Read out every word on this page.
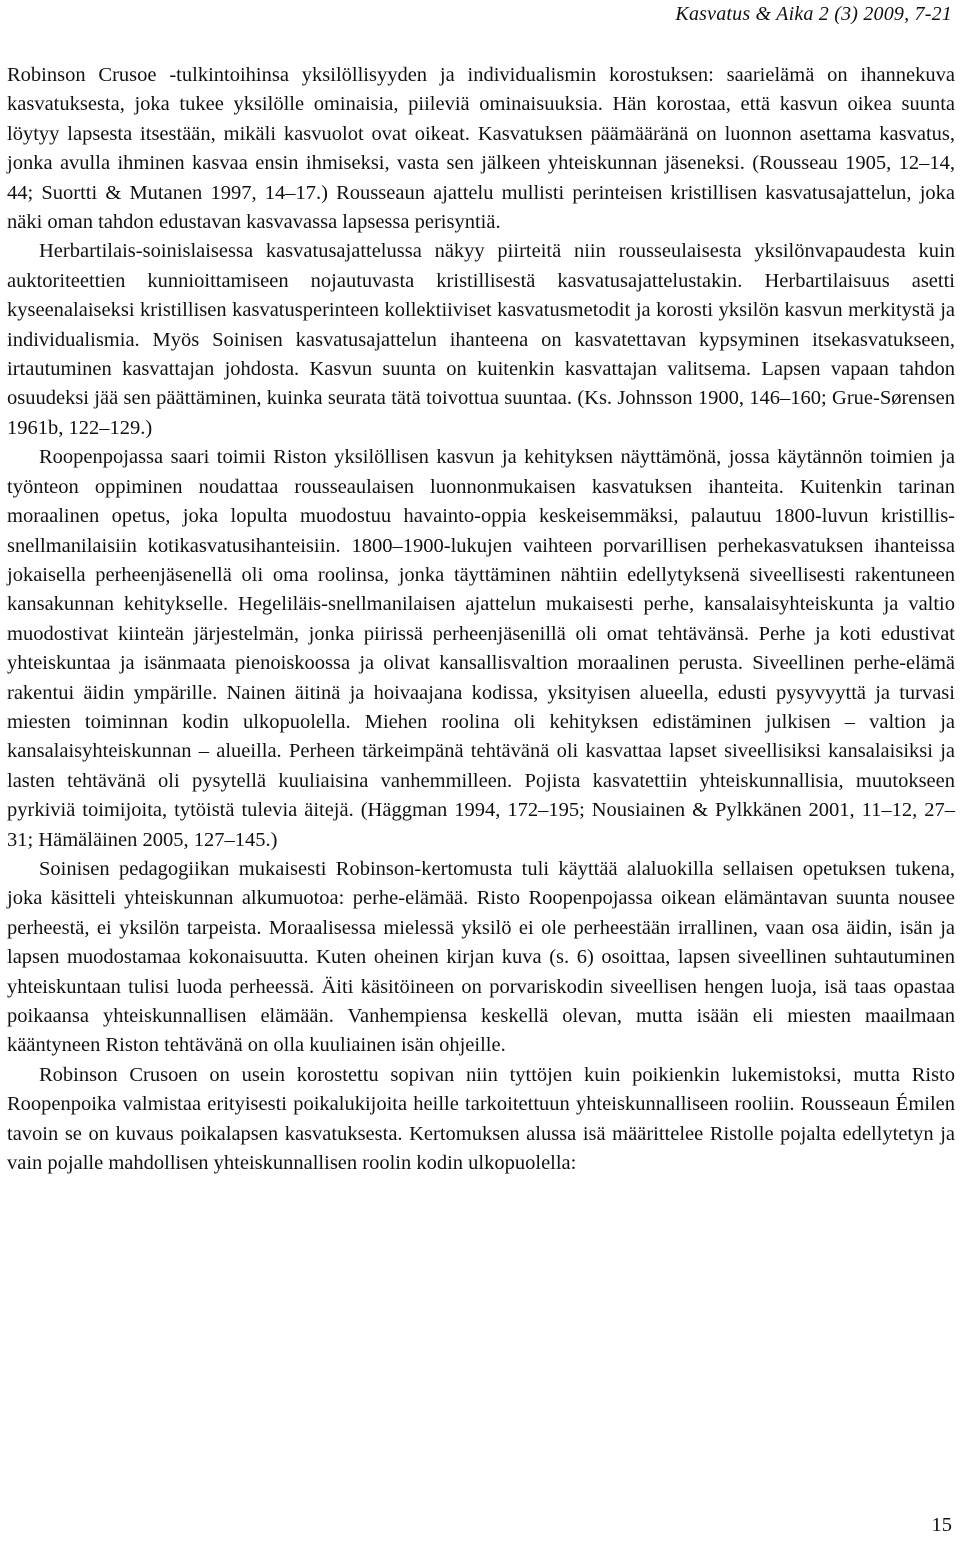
Kasvatus & Aika 2 (3) 2009, 7-21

Robinson Crusoe -tulkintoihinsa yksilöllisyyden ja individualismin korostuksen: saarielämä on ihannekuva kasvatuksesta, joka tukee yksilölle ominaisia, piileviä ominaisuuksia. Hän korostaa, että kasvun oikea suunta löytyy lapsesta itsestään, mikäli kasvuolot ovat oikeat. Kasvatuksen päämääränä on luonnon asettama kasvatus, jonka avulla ihminen kasvaa ensin ihmiseksi, vasta sen jälkeen yhteiskunnan jäseneksi. (Rousseau 1905, 12–14, 44; Suortti & Mutanen 1997, 14–17.) Rousseaun ajattelu mullisti perinteisen kristillisen kasvatusajattelun, joka näki oman tahdon edustavan kasvavassa lapsessa perisyntiä.

Herbartilais-soinislaisessa kasvatusajattelussa näkyy piirteitä niin rousseulaisesta yksilönvapaudesta kuin auktoriteettien kunnioittamiseen nojautuvasta kristillisestä kasvatusajattelustakin. Herbartilaisuus asetti kyseenalaiseksi kristillisen kasvatusperinteen kollektiiviset kasvatusmetodit ja korosti yksilön kasvun merkitystä ja individualismia. Myös Soinisen kasvatusajattelun ihanteena on kasvatettavan kypsyminen itsekasvatukseen, irtautuminen kasvattajan johdosta. Kasvun suunta on kuitenkin kasvattajan valitsema. Lapsen vapaan tahdon osuudeksi jää sen päättäminen, kuinka seurata tätä toivottua suuntaa. (Ks. Johnsson 1900, 146–160; Grue-Sørensen 1961b, 122–129.)

Roopenpojassa saari toimii Riston yksilöllisen kasvun ja kehityksen näyttämönä, jossa käytännön toimien ja työnteon oppiminen noudattaa rousseaulaisen luonnonmukaisen kasvatuksen ihanteita. Kuitenkin tarinan moraalinen opetus, joka lopulta muodostuu havainto-oppia keskeisemmäksi, palautuu 1800-luvun kristillis-snellmanilaisiin kotikasvatusihanteisiin. 1800–1900-lukujen vaihteen porvarillisen perhekasvatuksen ihanteissa jokaisella perheenjäsenellä oli oma roolinsa, jonka täyttäminen nähtiin edellytyksenä siveellisesti rakentuneen kansakunnan kehitykselle. Hegeliläis-snellmanilaisen ajattelun mukaisesti perhe, kansalaisyhteiskunta ja valtio muodostivat kiinteän järjestelmän, jonka piirissä perheenjäsenillä oli omat tehtävänsä. Perhe ja koti edustivat yhteiskuntaa ja isänmaata pienoiskoossa ja olivat kansallisvaltion moraalinen perusta. Siveellinen perhe-elämä rakentui äidin ympärille. Nainen äitinä ja hoivaajana kodissa, yksityisen alueella, edusti pysyvyyttä ja turvasi miesten toiminnan kodin ulkopuolella. Miehen roolina oli kehityksen edistäminen julkisen – valtion ja kansalaisyhteiskunnan – alueilla. Perheen tärkeimpänä tehtävänä oli kasvattaa lapset siveellisiksi kansalaisiksi ja lasten tehtävänä oli pysytellä kuuliaisina vanhemmilleen. Pojista kasvatettiin yhteiskunnallisia, muutokseen pyrkiviä toimijoita, tytöistä tulevia äitejä. (Häggman 1994, 172–195; Nousiainen & Pylkkänen 2001, 11–12, 27–31; Hämäläinen 2005, 127–145.)

Soinisen pedagogiikan mukaisesti Robinson-kertomusta tuli käyttää alaluokilla sellaisen opetuksen tukena, joka käsitteli yhteiskunnan alkumuotoa: perhe-elämää. Risto Roopenpojassa oikean elämäntavan suunta nousee perheestä, ei yksilön tarpeista. Moraalisessa mielessä yksilö ei ole perheestään irrallinen, vaan osa äidin, isän ja lapsen muodostamaa kokonaisuutta. Kuten oheinen kirjan kuva (s. 6) osoittaa, lapsen siveellinen suhtautuminen yhteiskuntaan tulisi luoda perheessä. Äiti käsitöineen on porvariskodin siveellisen hengen luoja, isä taas opastaa poikaansa yhteiskunnallisen elämään. Vanhempiensa keskellä olevan, mutta isään eli miesten maailmaan kääntyneen Riston tehtävänä on olla kuuliainen isän ohjeille.

Robinson Crusoen on usein korostettu sopivan niin tyttöjen kuin poikienkin lukemistoksi, mutta Risto Roopenpoika valmistaa erityisesti poikalukijoita heille tarkoitettuun yhteiskunnalliseen rooliin. Rousseaun Émilen tavoin se on kuvaus poikalapsen kasvatuksesta. Kertomuksen alussa isä määrittelee Ristolle pojalta edellytetyn ja vain pojalle mahdollisen yhteiskunnallisen roolin kodin ulkopuolella:

15
